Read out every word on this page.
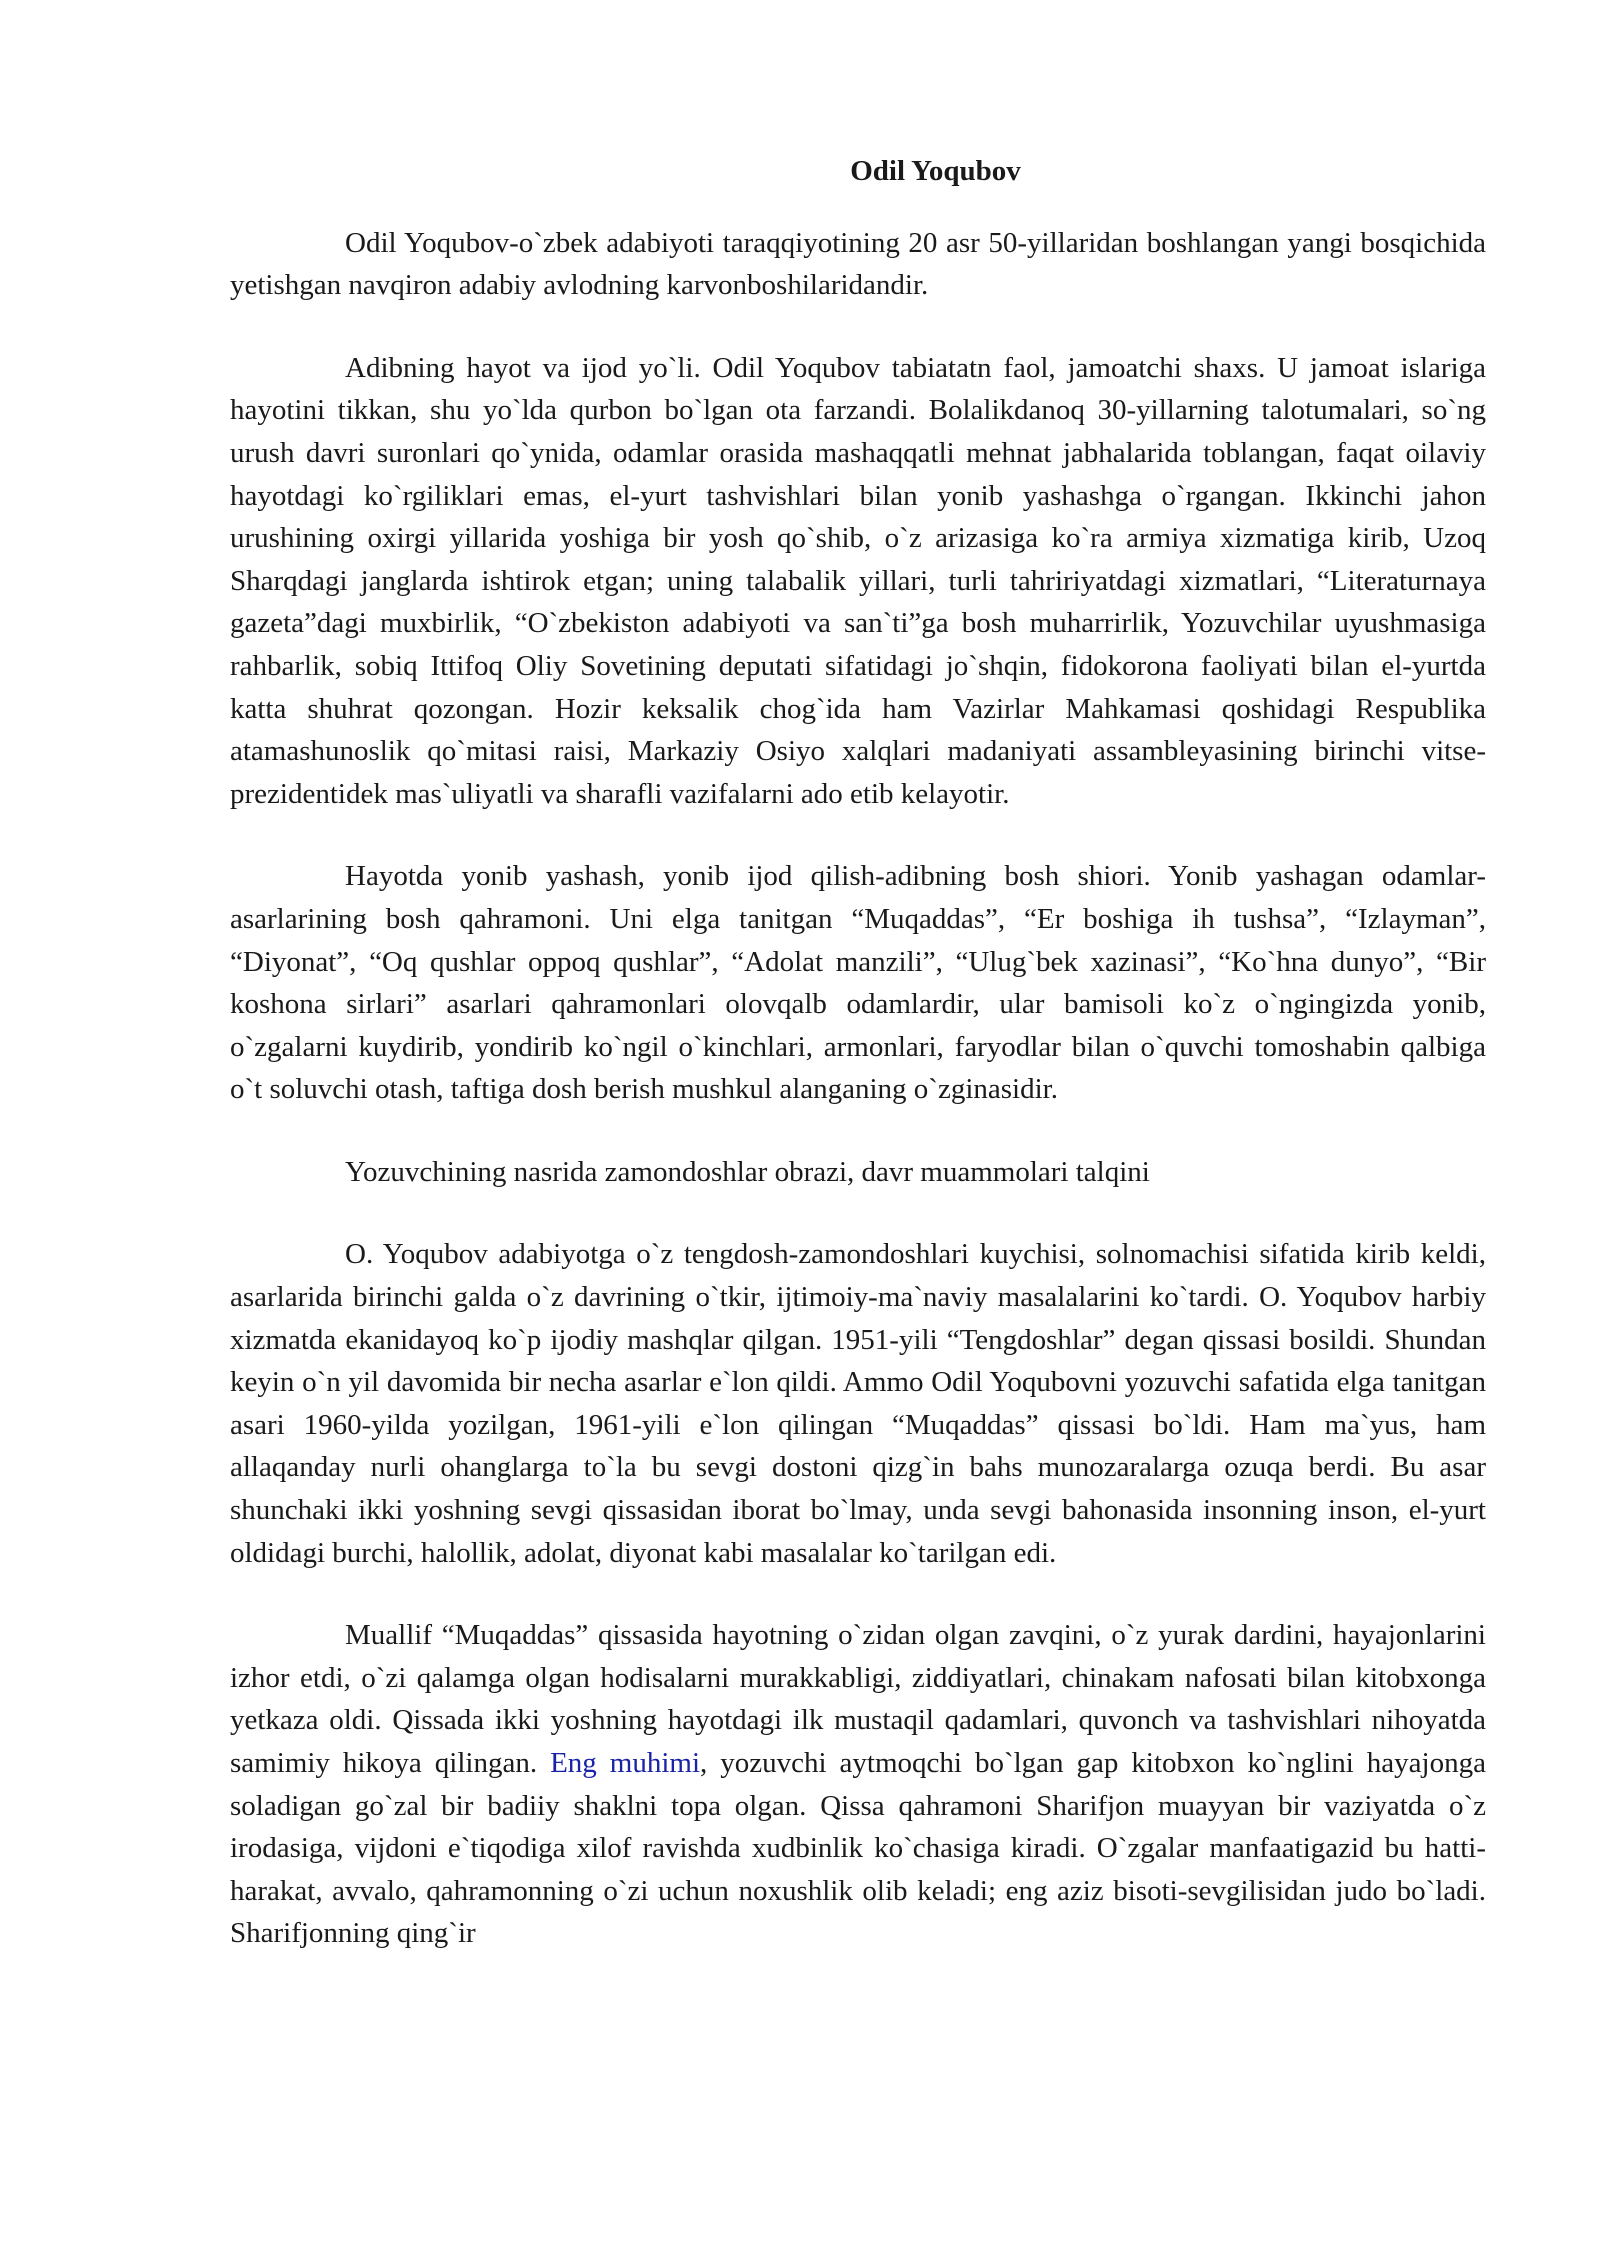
Odil Yoqubov

Odil Yoqubov-o`zbek adabiyoti taraqqiyotining 20 asr 50-yillaridan boshlangan yangi bosqichida yetishgan navqiron adabiy avlodning karvonboshilaridandir.

Adibning hayot va ijod yo`li. Odil Yoqubov tabiatatn faol, jamoatchi shaxs. U jamoat islariga hayotini tikkan, shu yo`lda qurbon bo`lgan ota farzandi. Bolalikdanoq 30-yillarning talotumalari, so`ng urush davri suronlari qo`ynida, odamlar orasida mashaqqatli mehnat jabhalarida toblangan, faqat oilaviy hayotdagi ko`rgiliklari emas, el-yurt tashvishlari bilan yonib yashashga o`rgangan. Ikkinchi jahon urushining oxirgi yillarida yoshiga bir yosh qo`shib, o`z arizasiga ko`ra armiya xizmatiga kirib, Uzoq Sharqdagi janglarda ishtirok etgan; uning talabalik yillari, turli tahririyatdagi xizmatlari, “Literaturnaya gazeta”dagi muxbirlik, “O`zbekiston adabiyoti va san`ti”ga bosh muharrirlik, Yozuvchilar uyushmasiga rahbarlik, sobiq Ittifoq Oliy Sovetining deputati sifatidagi jo`shqin, fidokorona faoliyati bilan el-yurtda katta shuhrat qozongan. Hozir keksalik chog`ida ham Vazirlar Mahkamasi qoshidagi Respublika atamashunoslik qo`mitasi raisi, Markaziy Osiyo xalqlari madaniyati assambleyasining birinchi vitse-prezidentidek mas`uliyatli va sharafli vazifalarni ado etib kelayotir.

Hayotda yonib yashash, yonib ijod qilish-adibning bosh shiori. Yonib yashagan odamlar-asarlarining bosh qahramoni. Uni elga tanitgan “Muqaddas”, “Er boshiga ih tushsa”, “Izlayman”, “Diyonat”, “Oq qushlar oppoq qushlar”, “Adolat manzili”, “Ulug`bek xazinasi”, “Ko`hna dunyo”, “Bir koshona sirlari” asarlari qahramonlari olovqalb odamlardir, ular bamisoli ko`z o`ngingizda yonib, o`zgalarni kuydirib, yondirib ko`ngil o`kinchlari, armonlari, faryodlar bilan o`quvchi tomoshabin qalbiga o`t soluvchi otash, taftiga dosh berish mushkul alanganing o`zginasidir.

Yozuvchining nasrida zamondoshlar obrazi, davr muammolari talqini

O. Yoqubov adabiyotga o`z tengdosh-zamondoshlari kuychisi, solnomachisi sifatida kirib keldi, asarlarida birinchi galda o`z davrining o`tkir, ijtimoiy-ma`naviy masalalarini ko`tardi. O. Yoqubov harbiy xizmatda ekanidayoq ko`p ijodiy mashqlar qilgan. 1951-yili “Tengdoshlar” degan qissasi bosildi. Shundan keyin o`n yil davomida bir necha asarlar e`lon qildi. Ammo Odil Yoqubovni yozuvchi safatida elga tanitgan asari 1960-yilda yozilgan, 1961-yili e`lon qilingan “Muqaddas” qissasi bo`ldi. Ham ma`yus, ham allaqanday nurli ohanglarga to`la bu sevgi dostoni qizg`in bahs munozaralarga ozuqa berdi. Bu asar shunchaki ikki yoshning sevgi qissasidan iborat bo`lmay, unda sevgi bahonasida insonning inson, el-yurt oldidagi burchi, halollik, adolat, diyonat kabi masalalar ko`tarilgan edi.

Muallif “Muqaddas” qissasida hayotning o`zidan olgan zavqini, o`z yurak dardini, hayajonlarini izhor etdi, o`zi qalamga olgan hodisalarni murakkabligi, ziddiyatlari, chinakam nafosati bilan kitobxonga yetkaza oldi. Qissada ikki yoshning hayotdagi ilk mustaqil qadamlari, quvonch va tashvishlari nihoyatda samimiy hikoya qilingan. Eng muhimi, yozuvchi aytmoqchi bo`lgan gap kitobxon ko`nglini hayajonga soladigan go`zal bir badiiy shaklni topa olgan. Qissa qahramoni Sharifjon muayyan bir vaziyatda o`z irodasiga, vijdoni e`tiqodiga xilof ravishda xudbinlik ko`chasiga kiradi. O`zgalar manfaatigazid bu hatti-harakat, avvalo, qahramonning o`zi uchun noxushlik olib keladi; eng aziz bisoti-sevgilisidan judo bo`ladi. Sharifjonning qing`ir
